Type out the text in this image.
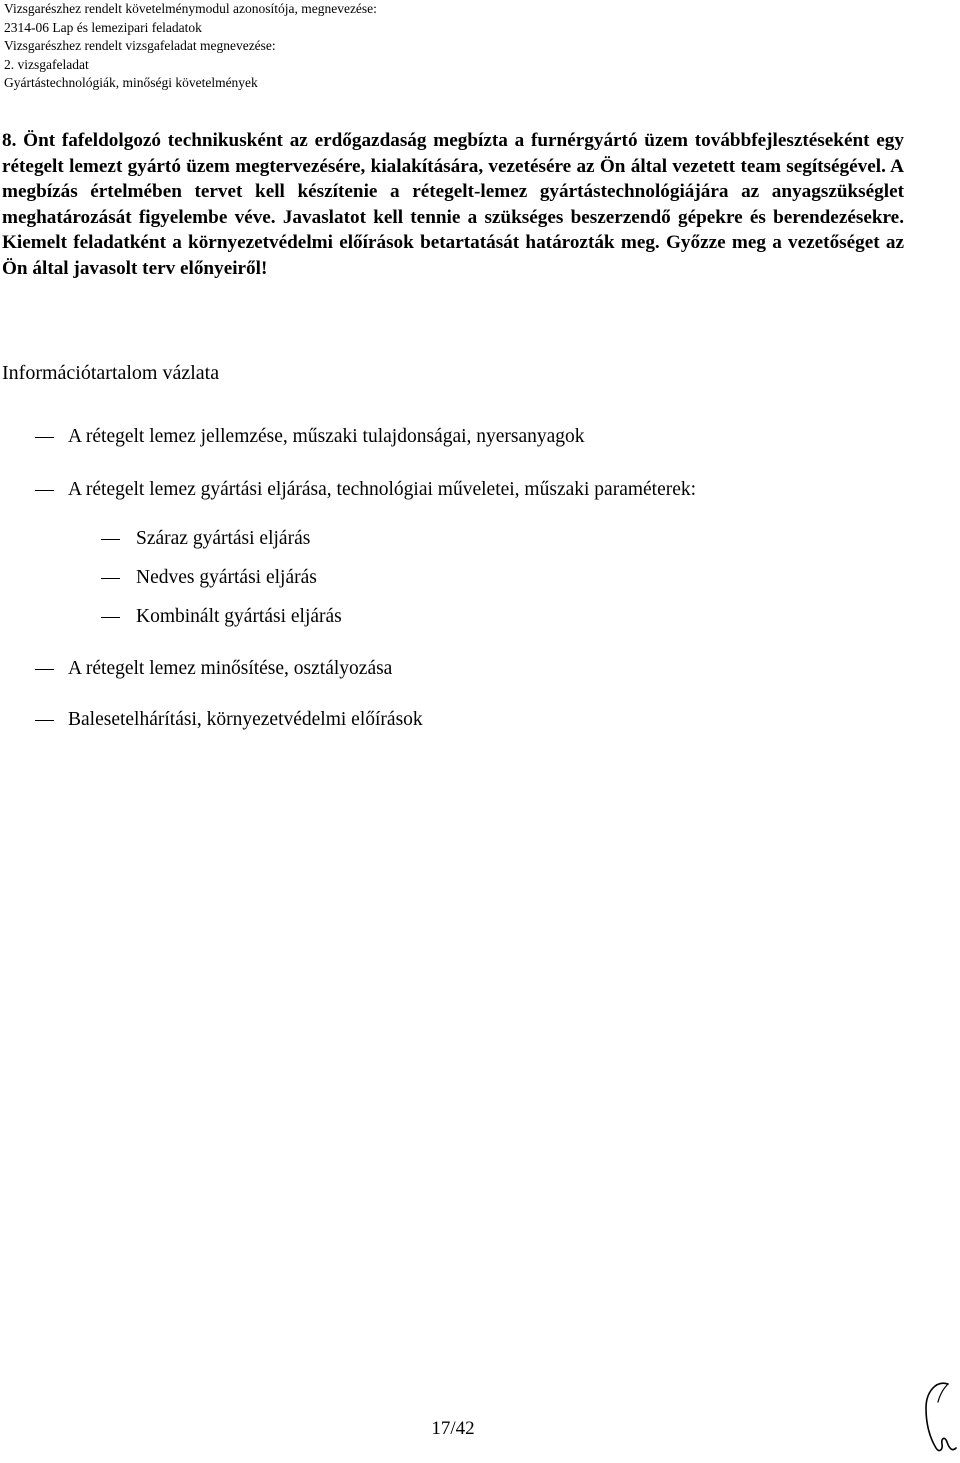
Vizsgarészhez rendelt követelménymodul azonosítója, megnevezése:
2314-06 Lap és lemezipari feladatok
Vizsgarészhez rendelt vizsgafeladat megnevezése:
2. vizsgafeladat
Gyártástechnológiák, minőségi követelmények
8. Önt fafeldolgozó technikusként az erdőgazdaság megbízta a furnérgyártó üzem továbbfejlesztéseként egy rétegelt lemezt gyártó üzem megtervezésére, kialakítására, vezetésére az Ön által vezetett team segítségével. A megbízás értelmében tervet kell készítenie a rétegelt-lemez gyártástechnológiájára az anyagszükséglet meghatározását figyelembe véve. Javaslatot kell tennie a szükséges beszerzendő gépekre és berendezésekre. Kiemelt feladatként a környezetvédelmi előírások betartatását határozták meg. Győzze meg a vezetőséget az Ön által javasolt terv előnyeiről!
Információtartalom vázlata
A rétegelt lemez jellemzése, műszaki tulajdonságai, nyersanyagok
A rétegelt lemez gyártási eljárása, technológiai műveletei, műszaki paraméterek:
Száraz gyártási eljárás
Nedves gyártási eljárás
Kombinált gyártási eljárás
A rétegelt lemez minősítése, osztályozása
Balesetelhárítási, környezetvédelmi előírások
17/42
